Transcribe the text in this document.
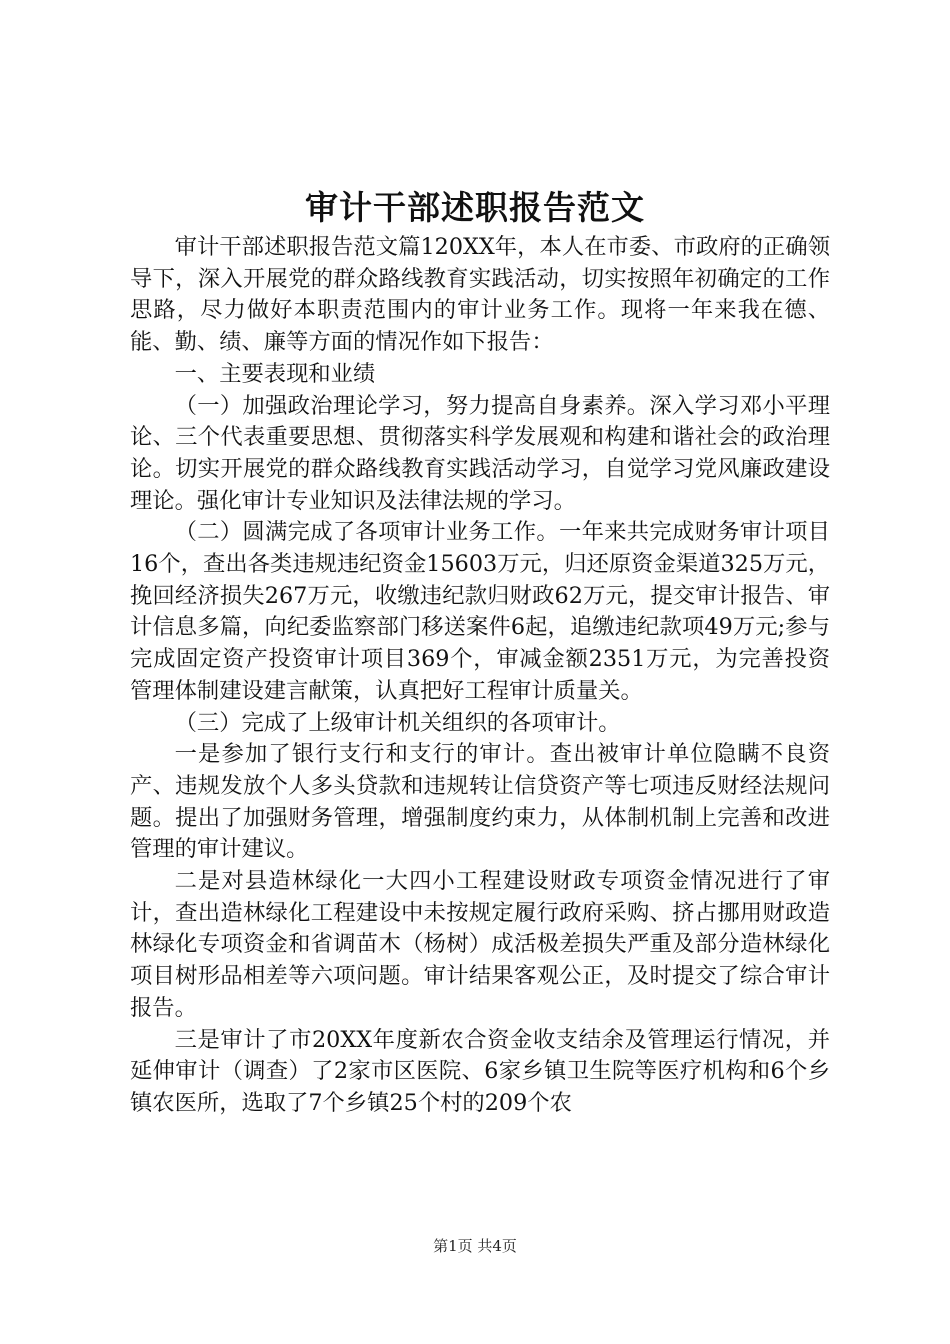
审计干部述职报告范文

审计干部述职报告范文篇120XX年，本人在市委、市政府的正确领导下，深入开展党的群众路线教育实践活动，切实按照年初确定的工作思路，尽力做好本职责范围内的审计业务工作。现将一年来我在德、能、勤、绩、廉等方面的情况作如下报告：

一、主要表现和业绩

（一）加强政治理论学习，努力提高自身素养。深入学习邓小平理论、三个代表重要思想、贯彻落实科学发展观和构建和谐社会的政治理论。切实开展党的群众路线教育实践活动学习，自觉学习党风廉政建设理论。强化审计专业知识及法律法规的学习。

（二）圆满完成了各项审计业务工作。一年来共完成财务审计项目16个，查出各类违规违纪资金15603万元，归还原资金渠道325万元，挽回经济损失267万元，收缴违纪款归财政62万元，提交审计报告、审计信息多篇，向纪委监察部门移送案件6起，追缴违纪款项49万元;参与完成固定资产投资审计项目369个，审减金额2351万元，为完善投资管理体制建设建言献策，认真把好工程审计质量关。

（三）完成了上级审计机关组织的各项审计。

一是参加了银行支行和支行的审计。查出被审计单位隐瞒不良资产、违规发放个人多头贷款和违规转让信贷资产等七项违反财经法规问题。提出了加强财务管理，增强制度约束力，从体制机制上完善和改进管理的审计建议。

二是对县造林绿化一大四小工程建设财政专项资金情况进行了审计，查出造林绿化工程建设中未按规定履行政府采购、挤占挪用财政造林绿化专项资金和省调苗木（杨树）成活极差损失严重及部分造林绿化项目树形品相差等六项问题。审计结果客观公正，及时提交了综合审计报告。

三是审计了市20XX年度新农合资金收支结余及管理运行情况，并延伸审计（调查）了2家市区医院、6家乡镇卫生院等医疗机构和6个乡镇农医所，选取了7个乡镇25个村的209个农

第1页 共4页
